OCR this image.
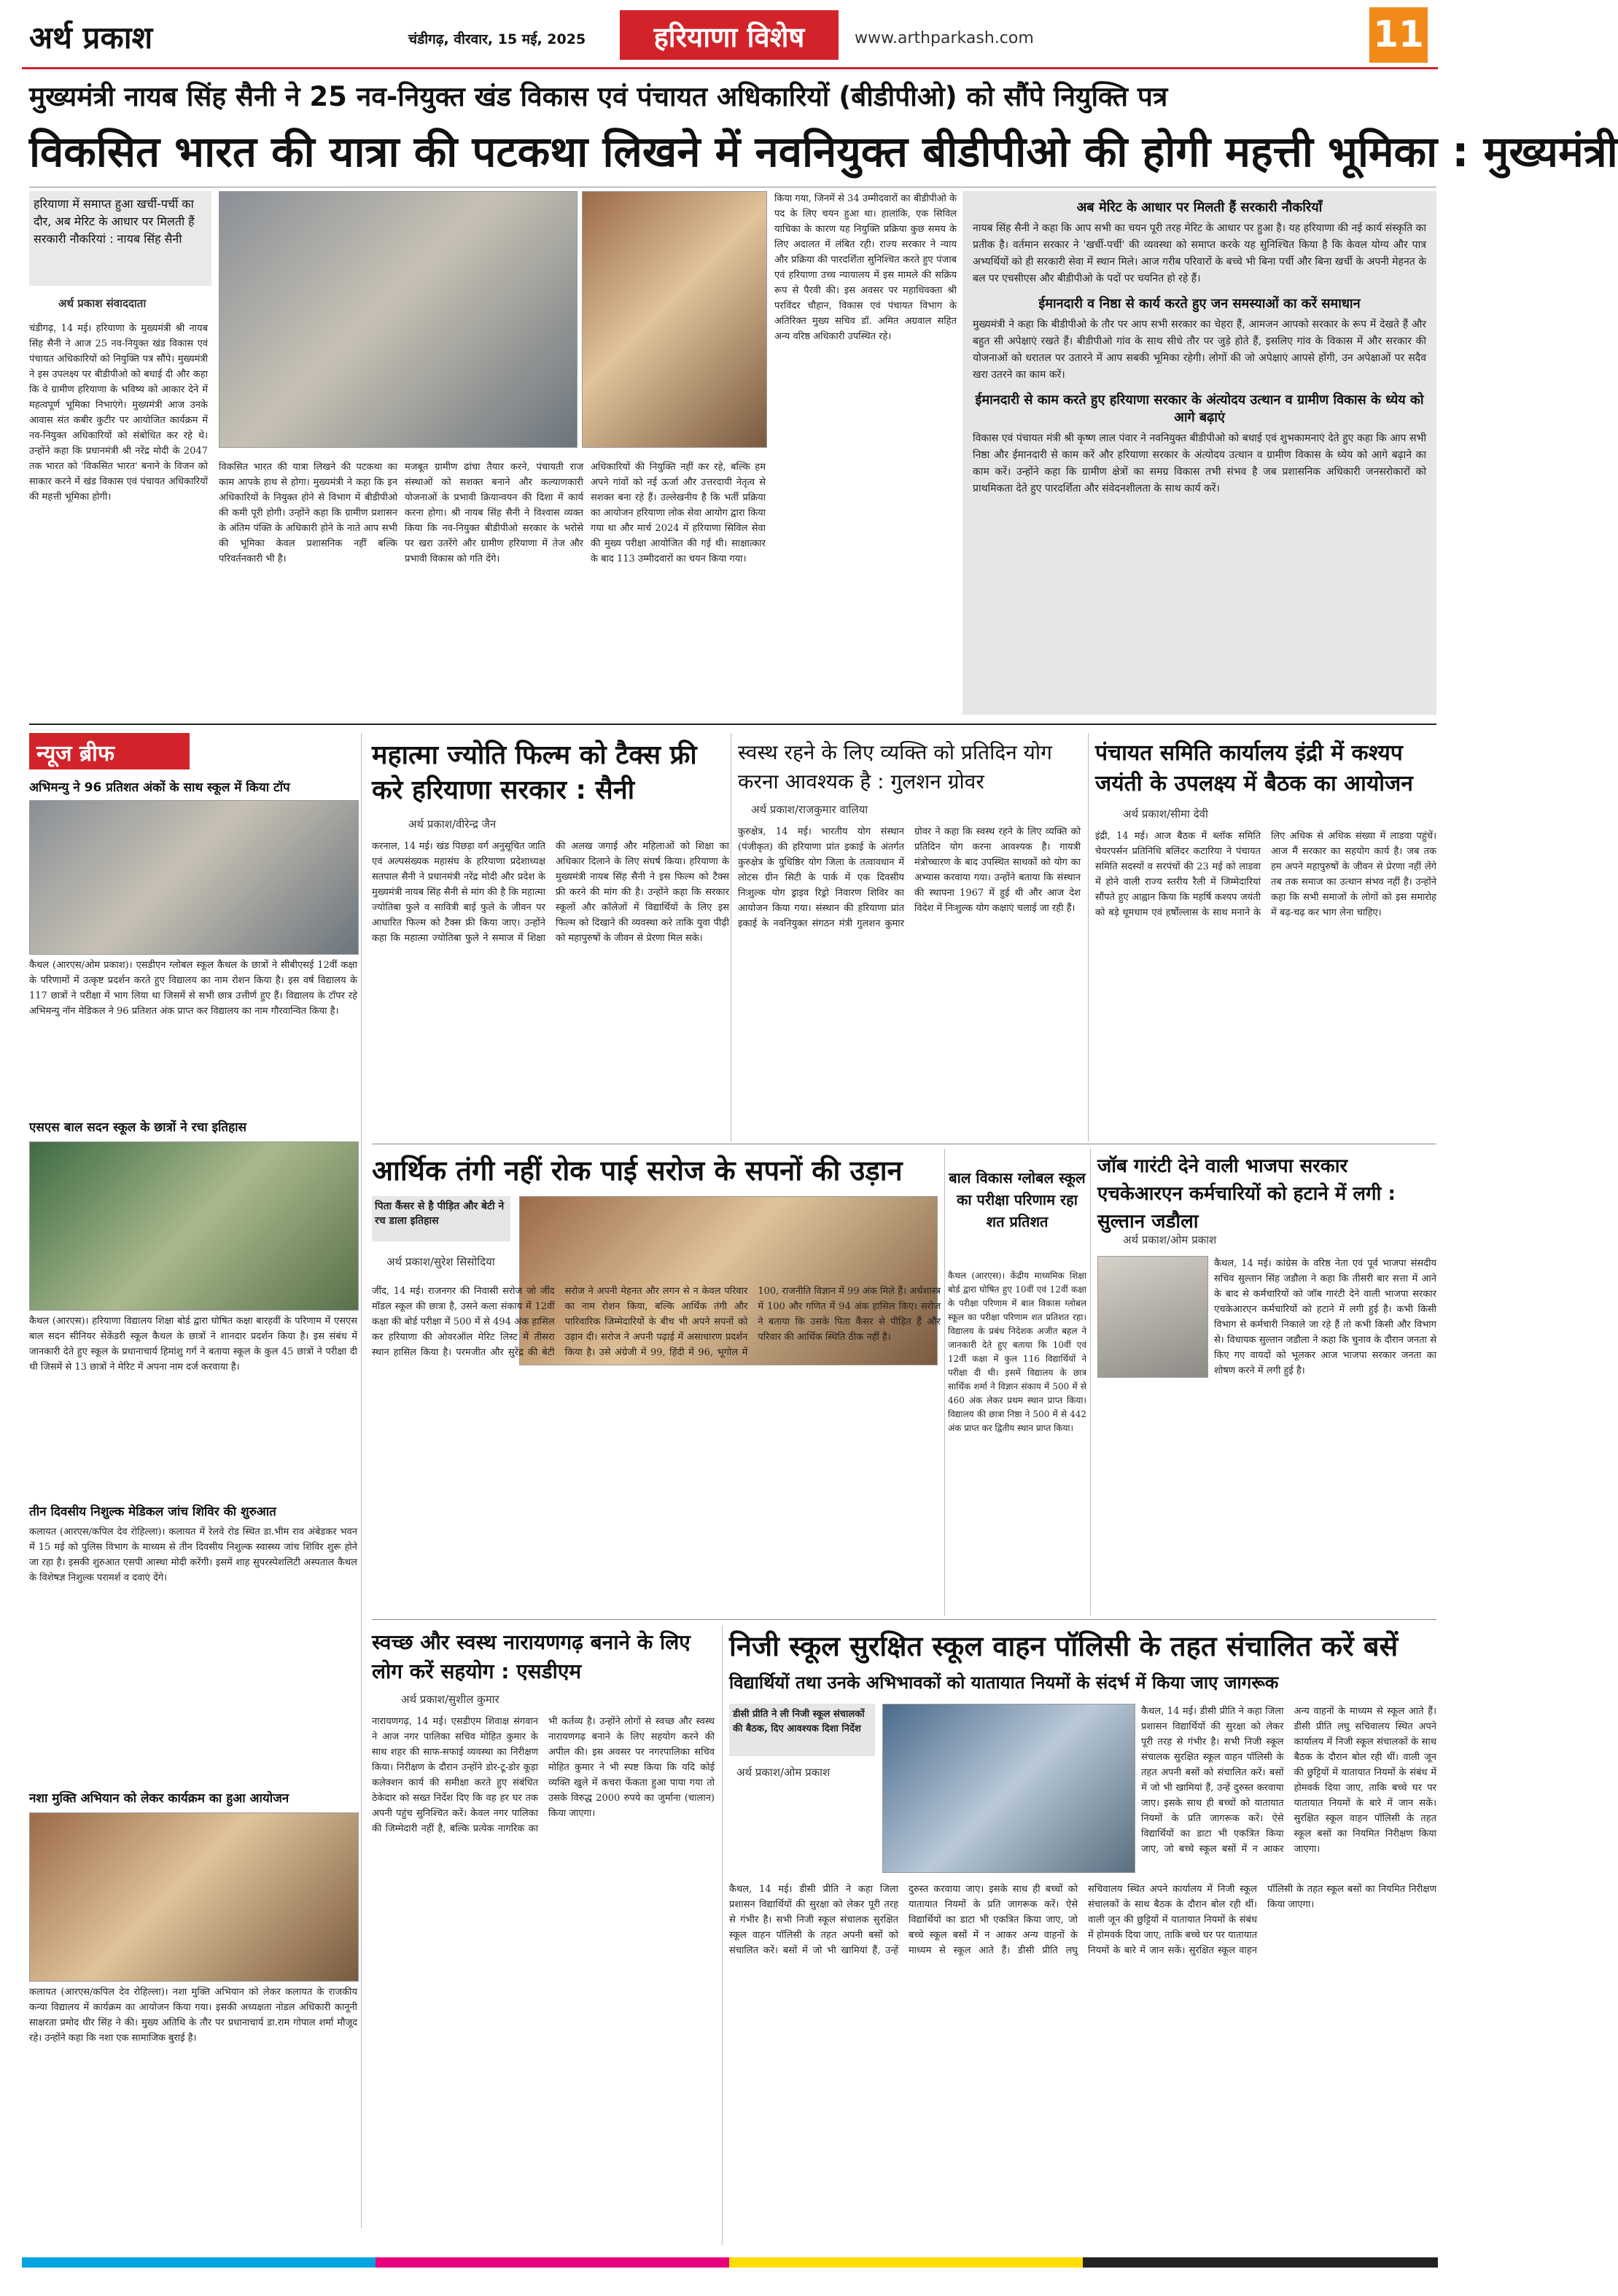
अर्थ प्रकाश	चंडीगढ़, वीरवार, 15 मई, 2025	हरियाणा विशेष	www.arthparkash.com	11
मुख्यमंत्री नायब सिंह सैनी ने 25 नव-नियुक्त खंड विकास एवं पंचायत अधिकारियों (बीडीपीओ) को सौंपे नियुक्ति पत्र
विकसित भारत की यात्रा की पटकथा लिखने में नवनियुक्त बीडीपीओ की होगी महत्ती भूमिका : मुख्यमंत्री
हरियाणा में समाप्त हुआ खर्ची-पर्ची का दौर, अब मेरिट के आधार पर मिलती हैं सरकारी नौकरियां : नायब सिंह सैनी
अर्थ प्रकाश संवाददाता
चंडीगढ़, 14 मई। हरियाणा के मुख्यमंत्री श्री नायब सिंह सैनी ने आज 25 नव-नियुक्त खंड विकास एवं पंचायत अधिकारियों को नियुक्ति पत्र सौंपे। मुख्यमंत्री ने इस उपलक्ष्य पर बीडीपीओ को बधाई दी और कहा कि वे ग्रामीण हरियाणा के भविष्य को आकार देने में महत्वपूर्ण भूमिका निभाएंगे। मुख्यमंत्री आज उनके आवास संत कबीर कुटीर पर आयोजित कार्यक्रम में नव-नियुक्त अधिकारियों को संबोधित कर रहे थे। उन्होंने कहा कि प्रधानमंत्री श्री नरेंद्र मोदी के 2047 तक भारत को 'विकसित भारत' बनाने के विजन को साकार करने में खंड विकास एवं पंचायत अधिकारियों की महत्ती भूमिका होगी।
विकसित भारत की यात्रा लिखने की पटकथा का काम आपके हाथ से होगा। मुख्यमंत्री ने कहा कि इन अधिकारियों के नियुक्त होने से विभाग में बीडीपीओ की कमी पूरी होगी। उन्होंने कहा कि ग्रामीण प्रशासन के अंतिम पंक्ति के अधिकारी होने के नाते आप सभी की भूमिका केवल प्रशासनिक नहीं बल्कि परिवर्तनकारी भी है।
मजबूत ग्रामीण ढांचा तैयार करने, पंचायती राज संस्थाओं को सशक्त बनाने और कल्याणकारी योजनाओं के प्रभावी क्रियान्वयन की दिशा में कार्य करना होगा। श्री नायब सिंह सैनी ने विश्वास व्यक्त किया कि नव-नियुक्त बीडीपीओ सरकार के भरोसे पर खरा उतरेंगे और ग्रामीण हरियाणा में तेज और प्रभावी विकास को गति देंगे।
अधिकारियों की नियुक्ति नहीं कर रहे, बल्कि हम अपने गांवों को नई ऊर्जा और उत्तरदायी नेतृत्व से सशक्त बना रहे हैं। उल्लेखनीय है कि भर्ती प्रक्रिया का आयोजन हरियाणा लोक सेवा आयोग द्वारा किया गया था और मार्च 2024 में हरियाणा सिविल सेवा की मुख्य परीक्षा आयोजित की गई थी। साक्षात्कार के बाद 113 उम्मीदवारों का चयन किया गया।
किया गया, जिनमें से 34 उम्मीदवारों का बीडीपीओ के पद के लिए चयन हुआ था। हालांकि, एक सिविल याचिका के कारण यह नियुक्ति प्रक्रिया कुछ समय के लिए अदालत में लंबित रही। राज्य सरकार ने न्याय और प्रक्रिया की पारदर्शिता सुनिश्चित करते हुए पंजाब एवं हरियाणा उच्च न्यायालय में इस मामले की सक्रिय रूप से पैरवी की। इस अवसर पर महाधिवक्ता श्री परविंदर चौहान, विकास एवं पंचायत विभाग के अतिरिक्त मुख्य सचिव डॉ. अमित अग्रवाल सहित अन्य वरिष्ठ अधिकारी उपस्थित रहे।
अब मेरिट के आधार पर मिलती हैं सरकारी नौकरियाँ
नायब सिंह सैनी ने कहा कि आप सभी का चयन पूरी तरह मेरिट के आधार पर हुआ है। यह हरियाणा की नई कार्य संस्कृति का प्रतीक है। वर्तमान सरकार ने 'खर्ची-पर्ची' की व्यवस्था को समाप्त करके यह सुनिश्चित किया है कि केवल योग्य और पात्र अभ्यर्थियों को ही सरकारी सेवा में स्थान मिले। आज गरीब परिवारों के बच्चे भी बिना पर्ची और बिना खर्ची के अपनी मेहनत के बल पर एचसीएस और बीडीपीओ के पदों पर चयनित हो रहे हैं।
ईमानदारी व निष्ठा से कार्य करते हुए जन समस्याओं का करें समाधान
मुख्यमंत्री ने कहा कि बीडीपीओ के तौर पर आप सभी सरकार का चेहरा हैं, आमजन आपको सरकार के रूप में देखते हैं और बहुत सी अपेक्षाएं रखते हैं। बीडीपीओ गांव के साथ सीधे तौर पर जुड़े होते हैं, इसलिए गांव के विकास में और सरकार की योजनाओं को धरातल पर उतारने में आप सबकी भूमिका रहेगी। लोगों की जो अपेक्षाएं आपसे होंगी, उन अपेक्षाओं पर सदैव खरा उतरने का काम करें।
ईमानदारी से काम करते हुए हरियाणा सरकार के अंत्योदय उत्थान व ग्रामीण विकास के ध्येय को आगे बढ़ाएं
विकास एवं पंचायत मंत्री श्री कृष्ण लाल पंवार ने नवनियुक्त बीडीपीओ को बधाई एवं शुभकामनाएं देते हुए कहा कि आप सभी निष्ठा और ईमानदारी से काम करें और हरियाणा सरकार के अंत्योदय उत्थान व ग्रामीण विकास के ध्येय को आगे बढ़ाने का काम करें। उन्होंने कहा कि ग्रामीण क्षेत्रों का समग्र विकास तभी संभव है जब प्रशासनिक अधिकारी जनसरोकारों को प्राथमिकता देते हुए पारदर्शिता और संवेदनशीलता के साथ कार्य करें।
न्यूज ब्रीफ
अभिमन्यु ने 96 प्रतिशत अंकों के साथ स्कूल में किया टॉप
कैथल (आरएस/ओम प्रकाश)। एसडीएन ग्लोबल स्कूल कैथल के छात्रों ने सीबीएसई 12वीं कक्षा के परिणामों में उत्कृष्ट प्रदर्शन करते हुए विद्यालय का नाम रोशन किया है। इस वर्ष विद्यालय के 117 छात्रों ने परीक्षा में भाग लिया था जिसमें से सभी छात्र उत्तीर्ण हुए हैं। विद्यालय के टॉपर रहे अभिमन्यु नॉन मेडिकल ने 96 प्रतिशत अंक प्राप्त कर विद्यालय का नाम गौरवान्वित किया है।
एसएस बाल सदन स्कूल के छात्रों ने रचा इतिहास
कैथल (आरएस)। हरियाणा विद्यालय शिक्षा बोर्ड द्वारा घोषित कक्षा बारहवीं के परिणाम में एसएस बाल सदन सीनियर सेकेंडरी स्कूल कैथल के छात्रों ने शानदार प्रदर्शन किया है। इस संबंध में जानकारी देते हुए स्कूल के प्रधानाचार्य हिमांशु गर्ग ने बताया स्कूल के कुल 45 छात्रों ने परीक्षा दी थी जिसमें से 13 छात्रों ने मेरिट में अपना नाम दर्ज करवाया है।
तीन दिवसीय निशुल्क मेडिकल जांच शिविर की शुरुआत
कलायत (आरएस/कपिल देव रोहिल्ला)। कलायत में रेलवे रोड स्थित डा.भीम राव अंबेडकर भवन में 15 मई को पुलिस विभाग के माध्यम से तीन दिवसीय निशुल्क स्वास्थ्य जांच शिविर शुरू होने जा रहा है। इसकी शुरुआत एसपी आस्था मोदी करेंगी। इसमें शाह सुपरस्पेशलिटी अस्पताल कैथल के विशेषज्ञ निशुल्क परामर्श व दवाएं देंगे।
नशा मुक्ति अभियान को लेकर कार्यक्रम का हुआ आयोजन
कलायत (आरएस/कपिल देव रोहिल्ला)। नशा मुक्ति अभियान को लेकर कलायत के राजकीय कन्या विद्यालय में कार्यक्रम का आयोजन किया गया। इसकी अध्यक्षता नोडल अधिकारी कानूनी साक्षरता प्रमोद धीर सिंह ने की। मुख्य अतिथि के तौर पर प्रधानाचार्य डा.राम गोपाल शर्मा मौजूद रहे। उन्होंने कहा कि नशा एक सामाजिक बुराई है।
महात्मा ज्योति फिल्म को टैक्स फ्री करे हरियाणा सरकार : सैनी
अर्थ प्रकाश/वीरेन्द्र जैन
करनाल, 14 मई। खंड पिछड़ा वर्ग अनुसूचित जाति एवं अल्पसंख्यक महासंघ के हरियाणा प्रदेशाध्यक्ष सतपाल सैनी ने प्रधानमंत्री नरेंद्र मोदी और प्रदेश के मुख्यमंत्री नायब सिंह सैनी से मांग की है कि महात्मा ज्योतिबा फुले व सावित्री बाई फुले के जीवन पर आधारित फिल्म को टैक्स फ्री किया जाए। उन्होंने कहा कि महात्मा ज्योतिबा फुले ने समाज में शिक्षा की अलख जगाई और महिलाओं को शिक्षा का अधिकार दिलाने के लिए संघर्ष किया। हरियाणा के मुख्यमंत्री नायब सिंह सैनी ने इस फिल्म को टैक्स फ्री करने की मांग की है। उन्होंने कहा कि सरकार स्कूलों और कॉलेजों में विद्यार्थियों के लिए इस फिल्म को दिखाने की व्यवस्था करे ताकि युवा पीढ़ी को महापुरुषों के जीवन से प्रेरणा मिल सके।
स्वस्थ रहने के लिए व्यक्ति को प्रतिदिन योग करना आवश्यक है : गुलशन ग्रोवर
अर्थ प्रकाश/राजकुमार वालिया
कुरुक्षेत्र, 14 मई। भारतीय योग संस्थान (पंजीकृत) की हरियाणा प्रांत इकाई के अंतर्गत कुरुक्षेत्र के युधिष्ठिर योग जिला के तत्वावधान में लोटस ग्रीन सिटी के पार्क में एक दिवसीय निःशुल्क योग ड्राइव रिड्रो निवारण शिविर का आयोजन किया गया। संस्थान की हरियाणा प्रांत इकाई के नवनियुक्त संगठन मंत्री गुलशन कुमार ग्रोवर ने कहा कि स्वस्थ रहने के लिए व्यक्ति को प्रतिदिन योग करना आवश्यक है। गायत्री मंत्रोच्चारण के बाद उपस्थित साधकों को योग का अभ्यास करवाया गया। उन्होंने बताया कि संस्थान की स्थापना 1967 में हुई थी और आज देश विदेश में निःशुल्क योग कक्षाएं चलाई जा रही हैं।
पंचायत समिति कार्यालय इंद्री में कश्यप जयंती के उपलक्ष्य में बैठक का आयोजन
अर्थ प्रकाश/सीमा देवी
इंद्री, 14 मई। आज बैठक में ब्लॉक समिति चेयरपर्सन प्रतिनिधि बलिंदर कटारिया ने पंचायत समिति सदस्यों व सरपंचों की 23 मई को लाडवा में होने वाली राज्य स्तरीय रैली में जिम्मेदारियां सौंपते हुए आह्वान किया कि महर्षि कश्यप जयंती को बड़े धूमधाम एवं हर्षोल्लास के साथ मनाने के लिए अधिक से अधिक संख्या में लाडवा पहुंचें। आज मैं सरकार का सहयोग कार्य है। जब तक हम अपने महापुरुषों के जीवन से प्रेरणा नहीं लेंगे तब तक समाज का उत्थान संभव नहीं है। उन्होंने कहा कि सभी समाजों के लोगों को इस समारोह में बढ़-चढ़ कर भाग लेना चाहिए।
आर्थिक तंगी नहीं रोक पाई सरोज के सपनों की उड़ान
पिता कैंसर से है पीड़ित और बेटी ने रच डाला इतिहास
अर्थ प्रकाश/सुरेश सिसोदिया
जींद, 14 मई। राजनगर की निवासी सरोज जो जींद मॉडल स्कूल की छात्रा है, उसने कला संकाय में 12वीं कक्षा की बोर्ड परीक्षा में 500 में से 494 अंक हासिल कर हरियाणा की ओवरऑल मेरिट लिस्ट में तीसरा स्थान हासिल किया है। परमजीत और सुरेंद्र की बेटी सरोज ने अपनी मेहनत और लगन से न केवल परिवार का नाम रोशन किया, बल्कि आर्थिक तंगी और पारिवारिक जिम्मेदारियों के बीच भी अपने सपनों को उड़ान दी। सरोज ने अपनी पढ़ाई में असाधारण प्रदर्शन किया है। उसे अंग्रेजी में 99, हिंदी में 96, भूगोल में 100, राजनीति विज्ञान में 99 अंक मिले हैं। अर्थशास्त्र में 100 और गणित में 94 अंक हासिल किए। सरोज ने बताया कि उसके पिता कैंसर से पीड़ित हैं और परिवार की आर्थिक स्थिति ठीक नहीं है।
बाल विकास ग्लोबल स्कूल का परीक्षा परिणाम रहा शत प्रतिशत
कैथल (आरएस)। केंद्रीय माध्यमिक शिक्षा बोर्ड द्वारा घोषित हुए 10वीं एवं 12वीं कक्षा के परीक्षा परिणाम में बाल विकास ग्लोबल स्कूल का परीक्षा परिणाम शत प्रतिशत रहा। विद्यालय के प्रबंध निदेशक अजीत बहल ने जानकारी देते हुए बताया कि 10वीं एवं 12वीं कक्षा में कुल 116 विद्यार्थियों ने परीक्षा दी थी। इसमें विद्यालय के छात्र सार्थिक शर्मा ने विज्ञान संकाय में 500 में से 460 अंक लेकर प्रथम स्थान प्राप्त किया। विद्यालय की छात्रा निष्ठा ने 500 में से 442 अंक प्राप्त कर द्वितीय स्थान प्राप्त किया।
जॉब गारंटी देने वाली भाजपा सरकार एचकेआरएन कर्मचारियों को हटाने में लगी : सुल्तान जडौला
अर्थ प्रकाश/ओम प्रकाश
कैथल, 14 मई। कांग्रेस के वरिष्ठ नेता एवं पूर्व भाजपा संसदीय सचिव सुल्तान सिंह जडौला ने कहा कि तीसरी बार सत्ता में आने के बाद से कर्मचारियों को जॉब गारंटी देने वाली भाजपा सरकार एचकेआरएन कर्मचारियों को हटाने में लगी हुई है। कभी किसी विभाग से कर्मचारी निकाले जा रहे हैं तो कभी किसी और विभाग से। विधायक सुल्तान जडौला ने कहा कि चुनाव के दौरान जनता से किए गए वायदों को भूलकर आज भाजपा सरकार जनता का शोषण करने में लगी हुई है।
स्वच्छ और स्वस्थ नारायणगढ़ बनाने के लिए लोग करें सहयोग : एसडीएम
अर्थ प्रकाश/सुशील कुमार
नारायणगढ़, 14 मई। एसडीएम शिवाक्ष संगवान ने आज नगर पालिका सचिव मोहित कुमार के साथ शहर की साफ-सफाई व्यवस्था का निरीक्षण किया। निरीक्षण के दौरान उन्होंने डोर-टू-डोर कूड़ा कलेक्शन कार्य की समीक्षा करते हुए संबंधित ठेकेदार को सख्त निर्देश दिए कि वह हर घर तक अपनी पहुंच सुनिश्चित करें। केवल नगर पालिका की जिम्मेदारी नहीं है, बल्कि प्रत्येक नागरिक का भी कर्तव्य है। उन्होंने लोगों से स्वच्छ और स्वस्थ नारायणगढ़ बनाने के लिए सहयोग करने की अपील की। इस अवसर पर नगरपालिका सचिव मोहित कुमार ने भी स्पष्ट किया कि यदि कोई व्यक्ति खुले में कचरा फेंकता हुआ पाया गया तो उसके विरुद्ध 2000 रुपये का जुर्माना (चालान) किया जाएगा।
निजी स्कूल सुरक्षित स्कूल वाहन पॉलिसी के तहत संचालित करें बसें
विद्यार्थियों तथा उनके अभिभावकों को यातायात नियमों के संदर्भ में किया जाए जागरूक
डीसी प्रीति ने ली निजी स्कूल संचालकों की बैठक, दिए आवश्यक दिशा निर्देश
अर्थ प्रकाश/ओम प्रकाश
कैथल, 14 मई। डीसी प्रीति ने कहा जिला प्रशासन विद्यार्थियों की सुरक्षा को लेकर पूरी तरह से गंभीर है। सभी निजी स्कूल संचालक सुरक्षित स्कूल वाहन पॉलिसी के तहत अपनी बसों को संचालित करें। बसों में जो भी खामियां हैं, उन्हें दुरुस्त करवाया जाए। इसके साथ ही बच्चों को यातायात नियमों के प्रति जागरूक करें। ऐसे विद्यार्थियों का डाटा भी एकत्रित किया जाए, जो बच्चे स्कूल बसों में न आकर अन्य वाहनों के माध्यम से स्कूल आते हैं। डीसी प्रीति लघु सचिवालय स्थित अपने कार्यालय में निजी स्कूल संचालकों के साथ बैठक के दौरान बोल रही थीं। वाली जून की छुट्टियों में यातायात नियमों के संबंध में होमवर्क दिया जाए, ताकि बच्चे घर पर यातायात नियमों के बारे में जान सकें। सुरक्षित स्कूल वाहन पॉलिसी के तहत स्कूल बसों का नियमित निरीक्षण किया जाएगा।
कैथल, 14 मई। डीसी प्रीति ने कहा जिला प्रशासन विद्यार्थियों की सुरक्षा को लेकर पूरी तरह से गंभीर है। सभी निजी स्कूल संचालक सुरक्षित स्कूल वाहन पॉलिसी के तहत अपनी बसों को संचालित करें। बसों में जो भी खामियां हैं, उन्हें दुरुस्त करवाया जाए। इसके साथ ही बच्चों को यातायात नियमों के प्रति जागरूक करें। ऐसे विद्यार्थियों का डाटा भी एकत्रित किया जाए, जो बच्चे स्कूल बसों में न आकर अन्य वाहनों के माध्यम से स्कूल आते हैं। डीसी प्रीति लघु सचिवालय स्थित अपने कार्यालय में निजी स्कूल संचालकों के साथ बैठक के दौरान बोल रही थीं। वाली जून की छुट्टियों में यातायात नियमों के संबंध में होमवर्क दिया जाए, ताकि बच्चे घर पर यातायात नियमों के बारे में जान सकें। सुरक्षित स्कूल वाहन पॉलिसी के तहत स्कूल बसों का नियमित निरीक्षण किया जाएगा।
